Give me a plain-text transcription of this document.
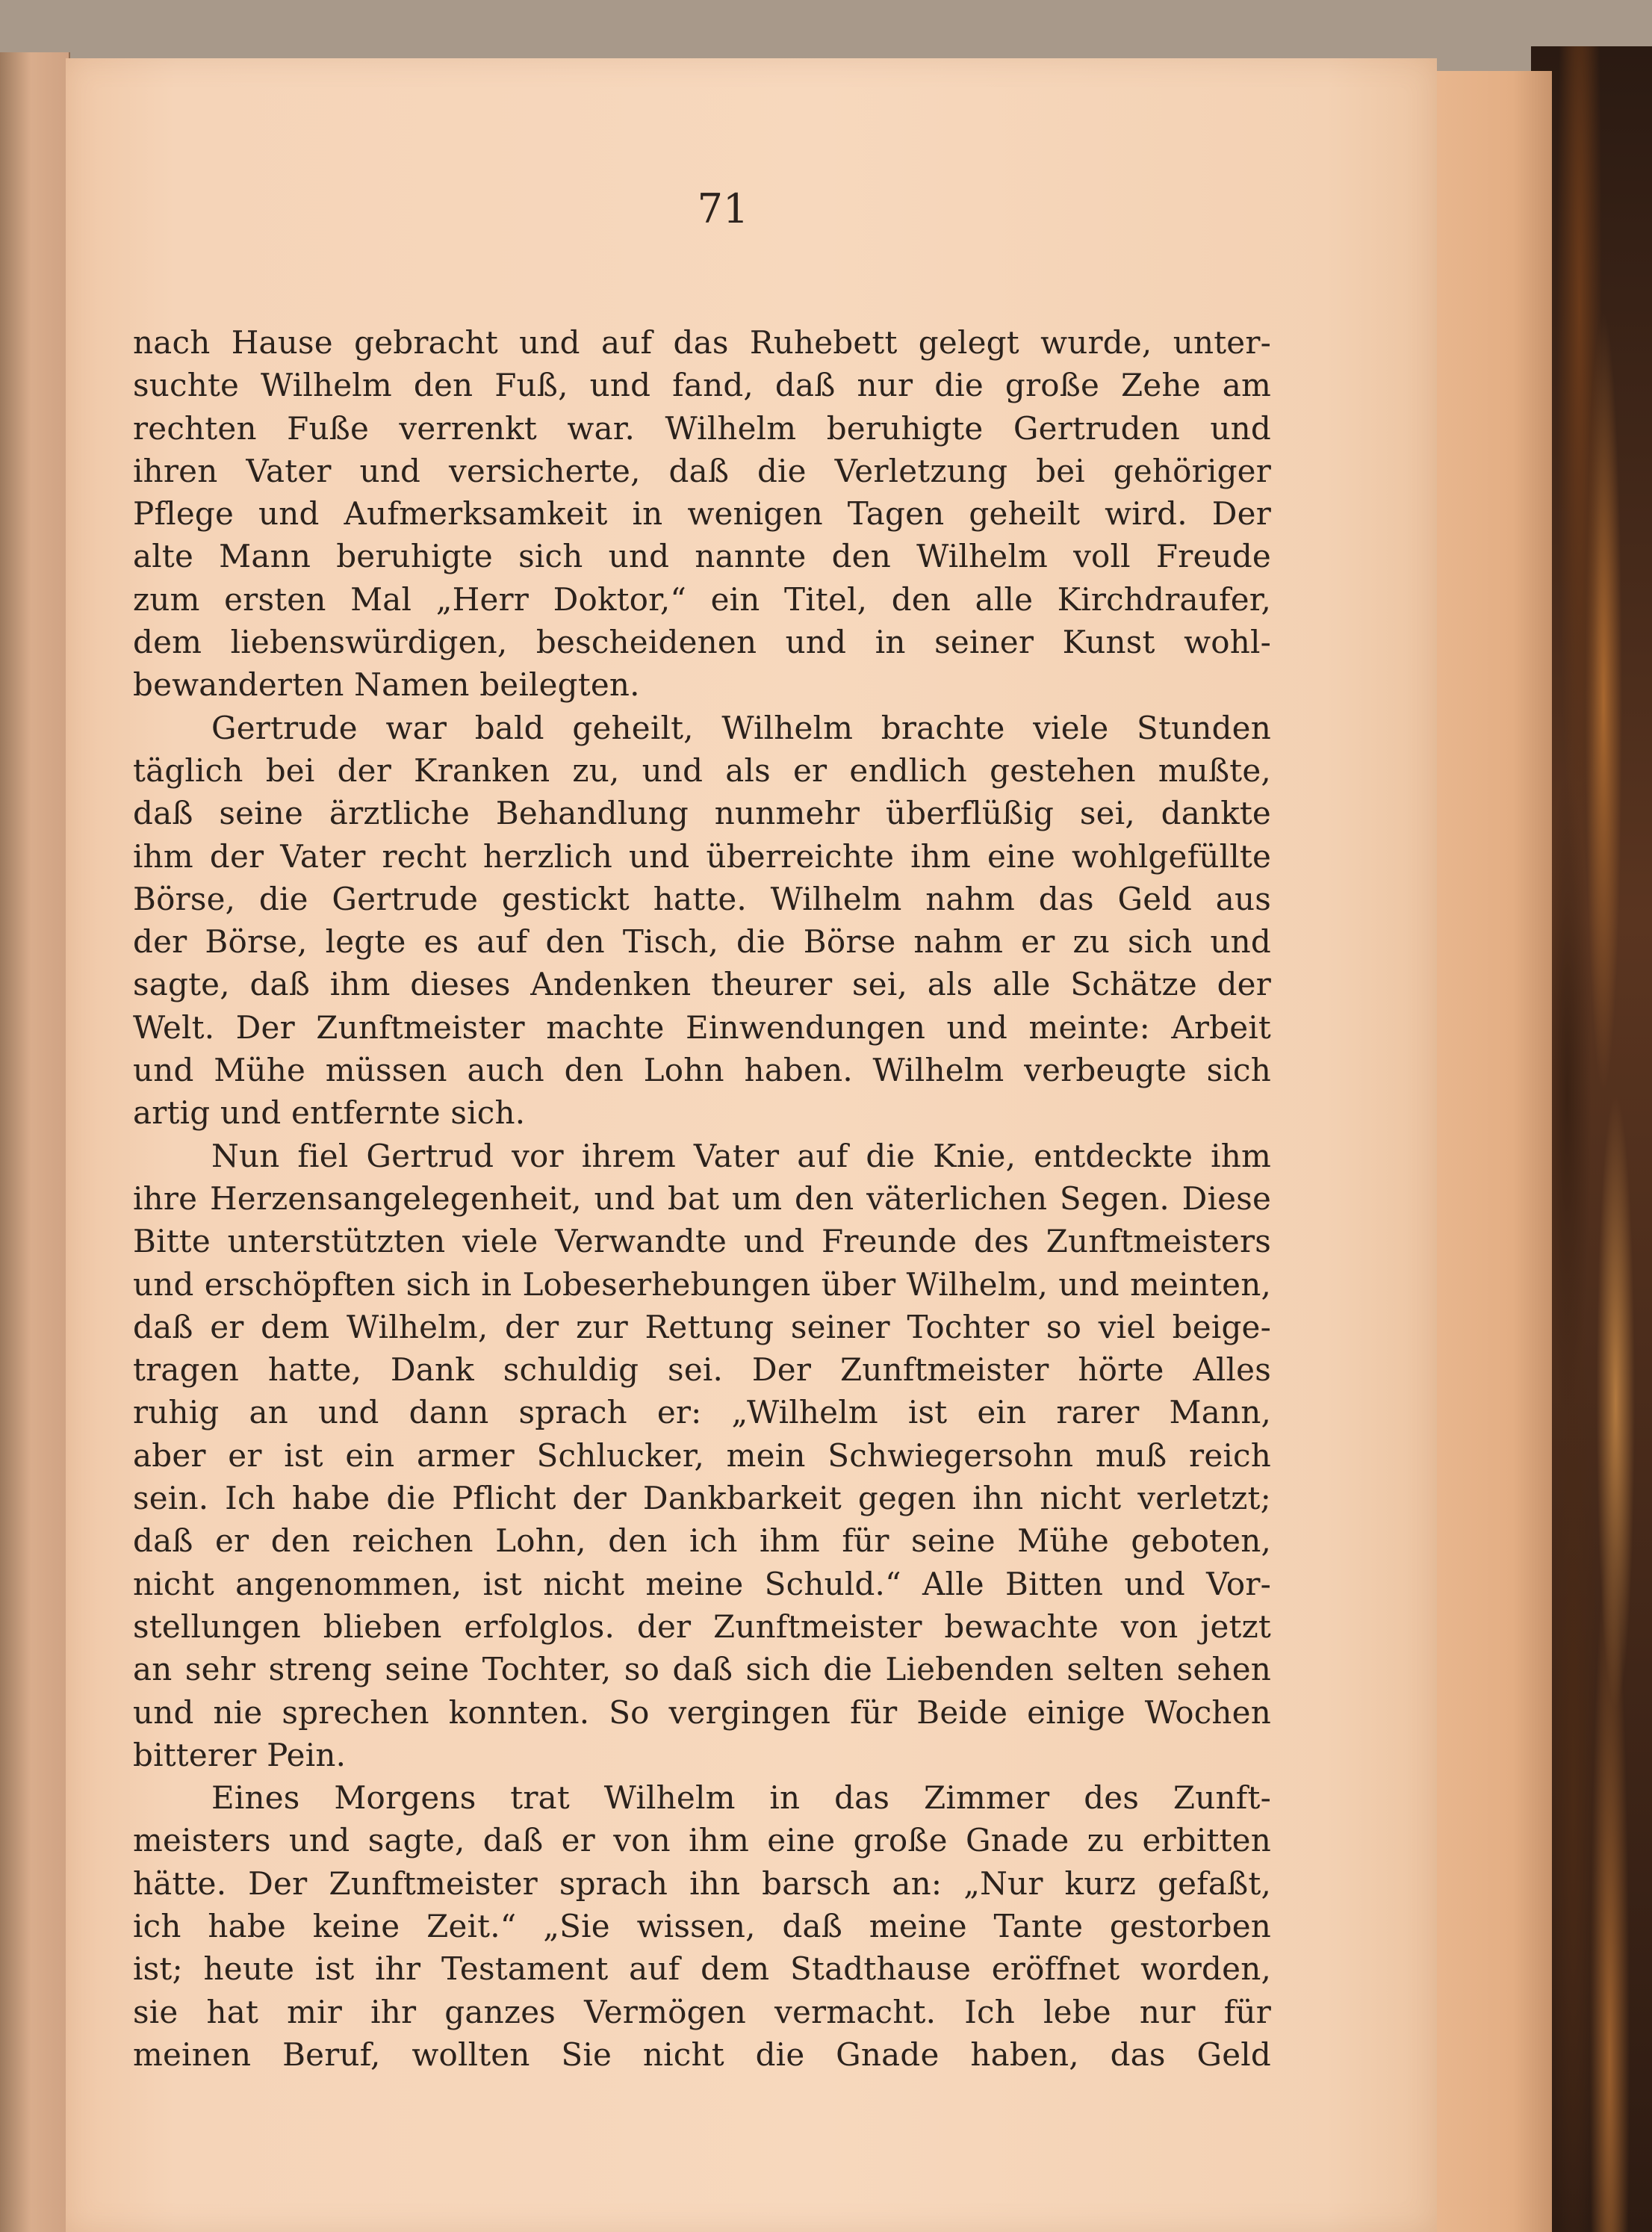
71
nach Hause gebracht und auf das Ruhebett gelegt wurde, unter-
suchte Wilhelm den Fuß, und fand, daß nur die große Zehe am
rechten Fuße verrenkt war. Wilhelm beruhigte Gertruden und
ihren Vater und versicherte, daß die Verletzung bei gehöriger
Pflege und Aufmerksamkeit in wenigen Tagen geheilt wird. Der
alte Mann beruhigte sich und nannte den Wilhelm voll Freude
zum ersten Mal „Herr Doktor,“ ein Titel, den alle Kirchdraufer,
dem liebenswürdigen, bescheidenen und in seiner Kunst wohl-
bewanderten Namen beilegten.
Gertrude war bald geheilt, Wilhelm brachte viele Stunden
täglich bei der Kranken zu, und als er endlich gestehen mußte,
daß seine ärztliche Behandlung nunmehr überflüßig sei, dankte
ihm der Vater recht herzlich und überreichte ihm eine wohlgefüllte
Börse, die Gertrude gestickt hatte. Wilhelm nahm das Geld aus
der Börse, legte es auf den Tisch, die Börse nahm er zu sich und
sagte, daß ihm dieses Andenken theurer sei, als alle Schätze der
Welt. Der Zunftmeister machte Einwendungen und meinte: Arbeit
und Mühe müssen auch den Lohn haben. Wilhelm verbeugte sich
artig und entfernte sich.
Nun fiel Gertrud vor ihrem Vater auf die Knie, entdeckte ihm
ihre Herzensangelegenheit, und bat um den väterlichen Segen. Diese
Bitte unterstützten viele Verwandte und Freunde des Zunftmeisters
und erschöpften sich in Lobeserhebungen über Wilhelm, und meinten,
daß er dem Wilhelm, der zur Rettung seiner Tochter so viel beige-
tragen hatte, Dank schuldig sei. Der Zunftmeister hörte Alles
ruhig an und dann sprach er: „Wilhelm ist ein rarer Mann,
aber er ist ein armer Schlucker, mein Schwiegersohn muß reich
sein. Ich habe die Pflicht der Dankbarkeit gegen ihn nicht verletzt;
daß er den reichen Lohn, den ich ihm für seine Mühe geboten,
nicht angenommen, ist nicht meine Schuld.“ Alle Bitten und Vor-
stellungen blieben erfolglos. der Zunftmeister bewachte von jetzt
an sehr streng seine Tochter, so daß sich die Liebenden selten sehen
und nie sprechen konnten. So vergingen für Beide einige Wochen
bitterer Pein.
Eines Morgens trat Wilhelm in das Zimmer des Zunft-
meisters und sagte, daß er von ihm eine große Gnade zu erbitten
hätte. Der Zunftmeister sprach ihn barsch an: „Nur kurz gefaßt,
ich habe keine Zeit.“ „Sie wissen, daß meine Tante gestorben
ist; heute ist ihr Testament auf dem Stadthause eröffnet worden,
sie hat mir ihr ganzes Vermögen vermacht. Ich lebe nur für
meinen Beruf, wollten Sie nicht die Gnade haben, das Geld
